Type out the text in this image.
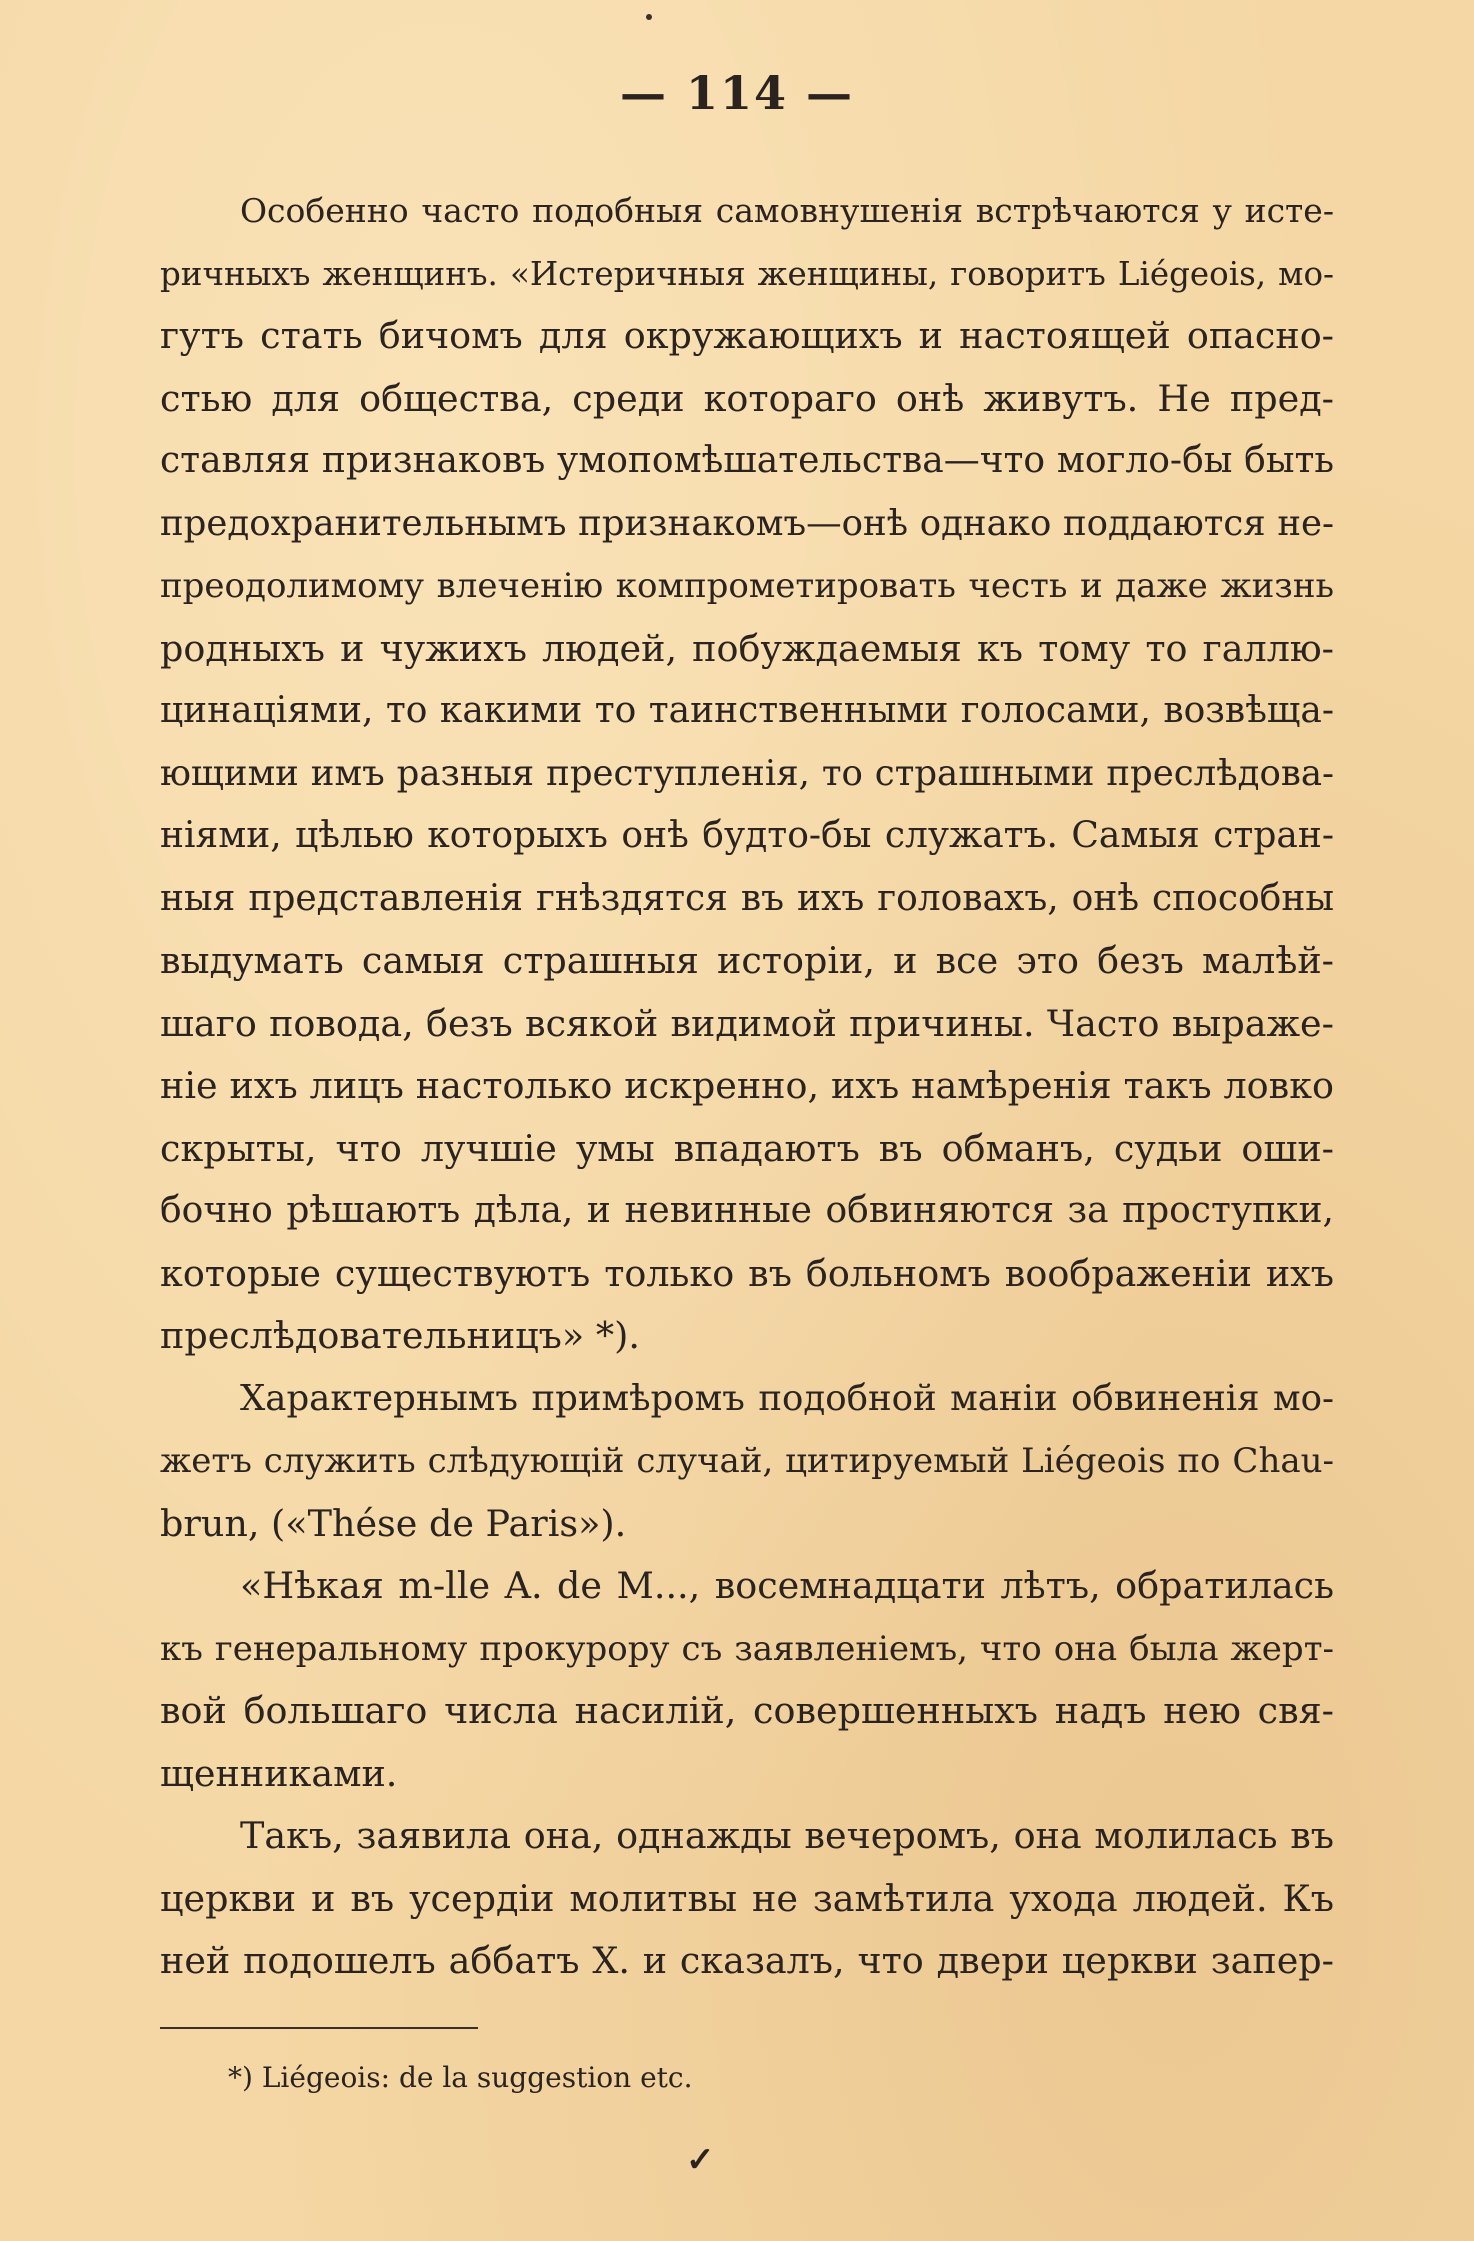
— 114 —
Особенно часто подобныя самовнушенія встрѣчаются у исте-
ричныхъ женщинъ. «Истеричныя женщины, говоритъ Liégeois, мо-
гутъ стать бичомъ для окружающихъ и настоящей опасно-
стью для общества, среди котораго онѣ живутъ. Не пред-
ставляя признаковъ умопомѣшательства—что могло-бы быть
предохранительнымъ признакомъ—онѣ однако поддаются не-
преодолимому влеченію компрометировать честь и даже жизнь
родныхъ и чужихъ людей, побуждаемыя къ тому то галлю-
цинаціями, то какими то таинственными голосами, возвѣща-
ющими имъ разныя преступленія, то страшными преслѣдова-
ніями, цѣлью которыхъ онѣ будто-бы служатъ. Самыя стран-
ныя представленія гнѣздятся въ ихъ головахъ, онѣ способны
выдумать самыя страшныя исторіи, и все это безъ малѣй-
шаго повода, безъ всякой видимой причины. Часто выраже-
ніе ихъ лицъ настолько искренно, ихъ намѣренія такъ ловко
скрыты, что лучшіе умы впадаютъ въ обманъ, судьи оши-
бочно рѣшаютъ дѣла, и невинные обвиняются за проступки,
которые существуютъ только въ больномъ воображеніи ихъ
преслѣдовательницъ» *).
Характернымъ примѣромъ подобной маніи обвиненія мо-
жетъ служить слѣдующій случай, цитируемый Liégeois по Chau-
brun, («Thése de Paris»).
«Нѣкая m-lle A. de M..., восемнадцати лѣтъ, обратилась
къ генеральному прокурору съ заявленіемъ, что она была жерт-
вой большаго числа насилій, совершенныхъ надъ нею свя-
щенниками.
Такъ, заявила она, однажды вечеромъ, она молилась въ
церкви и въ усердіи молитвы не замѣтила ухода людей. Къ
ней подошелъ аббатъ X. и сказалъ, что двери церкви запер-
*) Liégeois: de la suggestion etc.
✓
